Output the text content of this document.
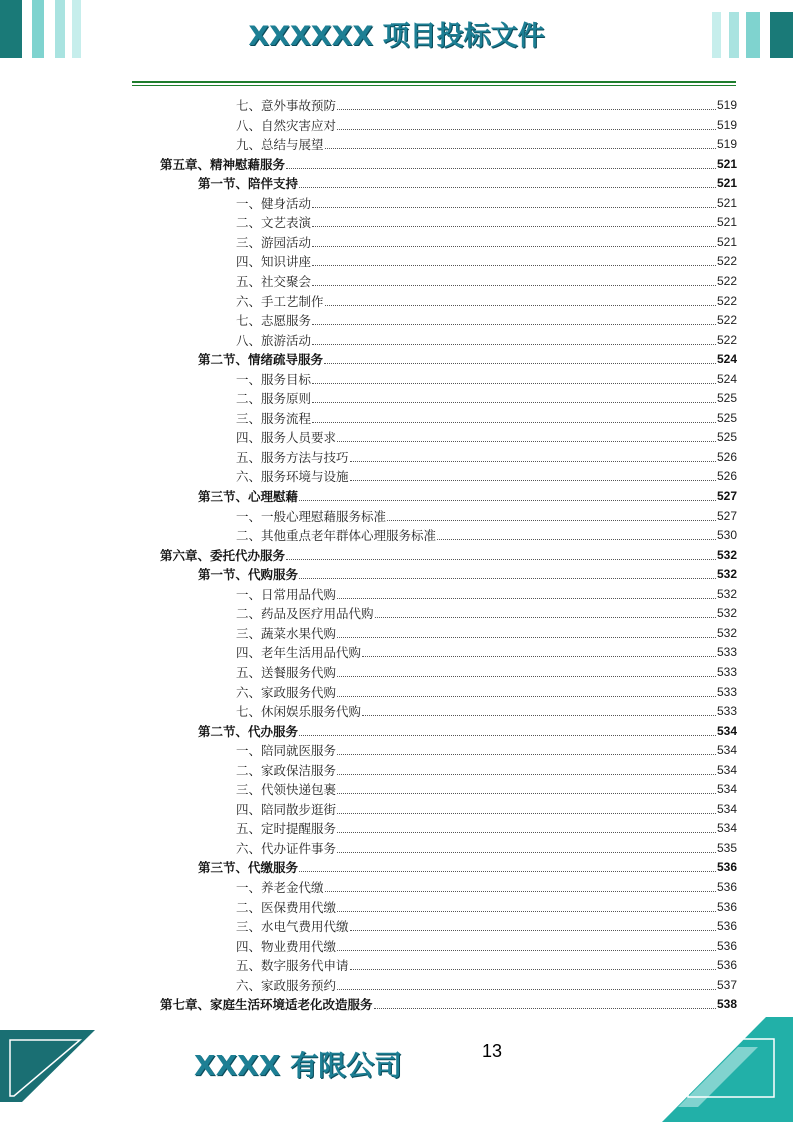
XXXXXX 项目投标文件
七、意外事故预防	519
八、自然灾害应对	519
九、总结与展望	519
第五章、精神慰藉服务	521
第一节、陪伴支持	521
一、健身活动	521
二、文艺表演	521
三、游园活动	521
四、知识讲座	522
五、社交聚会	522
六、手工艺制作	522
七、志愿服务	522
八、旅游活动	522
第二节、情绪疏导服务	524
一、服务目标	524
二、服务原则	525
三、服务流程	525
四、服务人员要求	525
五、服务方法与技巧	526
六、服务环境与设施	526
第三节、心理慰藉	527
一、一般心理慰藉服务标准	527
二、其他重点老年群体心理服务标准	530
第六章、委托代办服务	532
第一节、代购服务	532
一、日常用品代购	532
二、药品及医疗用品代购	532
三、蔬菜水果代购	532
四、老年生活用品代购	533
五、送餐服务代购	533
六、家政服务代购	533
七、休闲娱乐服务代购	533
第二节、代办服务	534
一、陪同就医服务	534
二、家政保洁服务	534
三、代领快递包裹	534
四、陪同散步逛街	534
五、定时提醒服务	534
六、代办证件事务	535
第三节、代缴服务	536
一、养老金代缴	536
二、医保费用代缴	536
三、水电气费用代缴	536
四、物业费用代缴	536
五、数字服务代申请	536
六、家政服务预约	537
第七章、家庭生活环境适老化改造服务	538
XXXX 有限公司	13
